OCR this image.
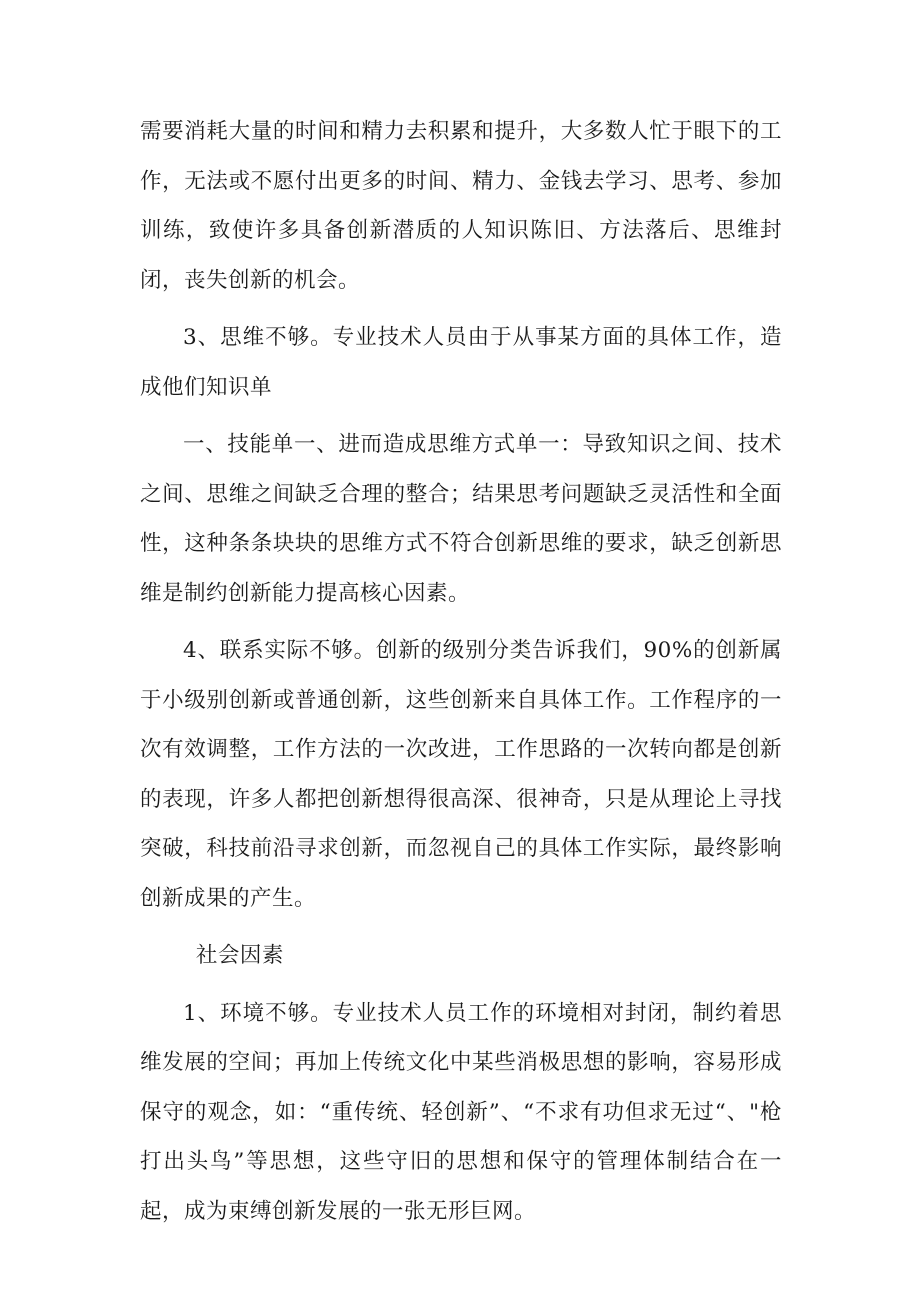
需要消耗大量的时间和精力去积累和提升，大多数人忙于眼下的工作，无法或不愿付出更多的时间、精力、金钱去学习、思考、参加训练，致使许多具备创新潜质的人知识陈旧、方法落后、思维封闭，丧失创新的机会。

3、思维不够。专业技术人员由于从事某方面的具体工作，造成他们知识单

一、技能单一、进而造成思维方式单一：导致知识之间、技术之间、思维之间缺乏合理的整合；结果思考问题缺乏灵活性和全面性，这种条条块块的思维方式不符合创新思维的要求，缺乏创新思维是制约创新能力提高核心因素。

4、联系实际不够。创新的级别分类告诉我们，90%的创新属于小级别创新或普通创新，这些创新来自具体工作。工作程序的一次有效调整，工作方法的一次改进，工作思路的一次转向都是创新的表现，许多人都把创新想得很高深、很神奇，只是从理论上寻找突破，科技前沿寻求创新，而忽视自己的具体工作实际，最终影响创新成果的产生。

社会因素

1、环境不够。专业技术人员工作的环境相对封闭，制约着思维发展的空间；再加上传统文化中某些消极思想的影响，容易形成保守的观念，如：“重传统、轻创新”、“不求有功但求无过“、"枪打出头鸟”等思想，这些守旧的思想和保守的管理体制结合在一起，成为束缚创新发展的一张无形巨网。
